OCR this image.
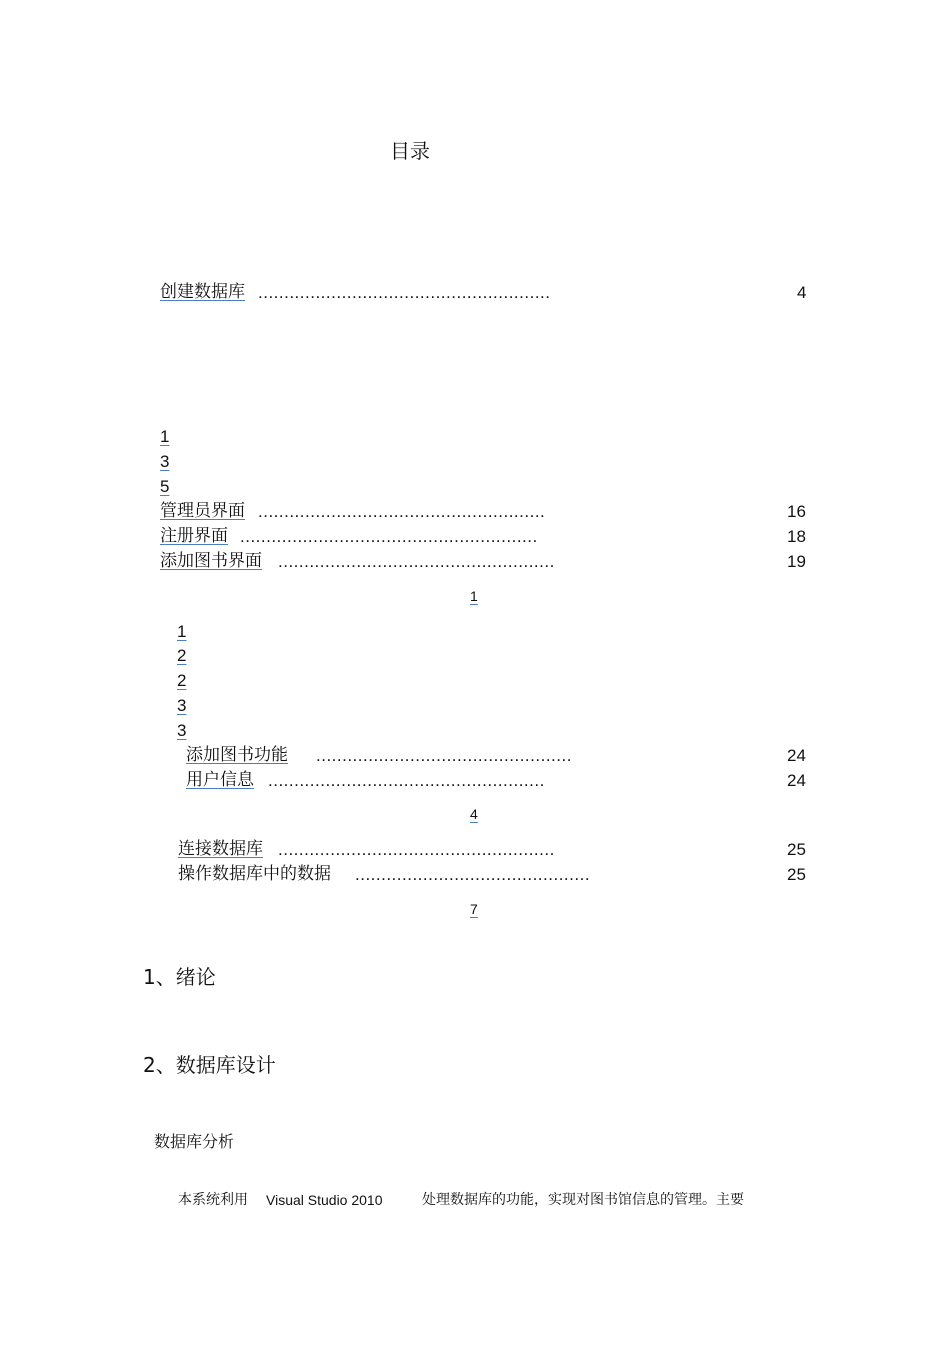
目录
创建数据库 ........................................................	4
1
3
5
管理员界面 .......................................................	16
注册界面 .........................................................	18
添加图书界面 .....................................................	19
1
1
2
2
3
3
添加图书功能 .................................................	24
用户信息 .....................................................	24
4
连接数据库 .....................................................	25
操作数据库中的数据 .............................................	25
7
1、绪论
2、数据库设计
数据库分析
本系统利用 Visual Studio 2010	处理数据库的功能，实现对图书馆信息的管理。主要
